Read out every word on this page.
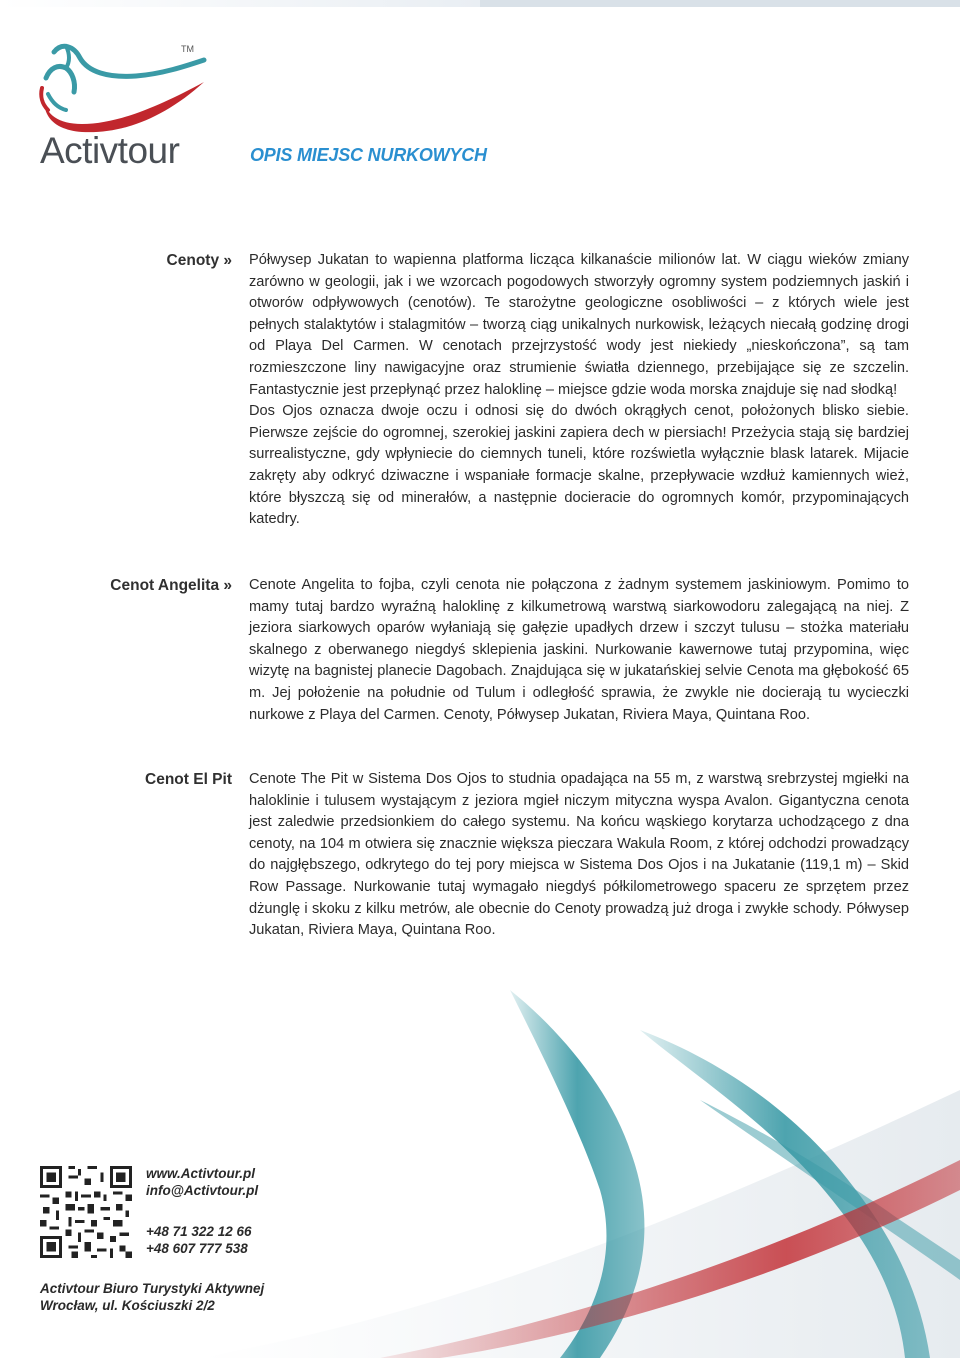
TM
Activtour	OPIS MIEJSC NURKOWYCH
Cenoty » Półwysep Jukatan to wapienna platforma licząca kilkanaście milionów lat. W ciągu wieków zmiany zarówno w geologii, jak i we wzorcach pogodowych stworzyły ogromny system podziemnych jaskiń i otworów odpływowych (cenotów). Te starożytne geologiczne osobliwości – z których wiele jest pełnych stalaktytów i stalagmitów – tworzą ciąg unikalnych nurkowisk, leżących niecałą godzinę drogi od Playa Del Carmen. W cenotach przejrzystość wody jest niekiedy „nieskończona”, są tam rozmieszczone liny nawigacyjne oraz strumienie światła dziennego, przebijające się ze szczelin. Fantastycznie jest przepłynąć przez haloklinę – miejsce gdzie woda morska znajduje się nad słodką!

Dos Ojos oznacza dwoje oczu i odnosi się do dwóch okrągłych cenot, położonych blisko siebie. Pierwsze zejście do ogromnej, szerokiej jaskini zapiera dech w piersiach! Przeżycia stają się bardziej surrealistyczne, gdy wpłyniecie do ciemnych tuneli, które rozświetla wyłącznie blask latarek. Mijacie zakręty aby odkryć dziwaczne i wspaniałe formacje skalne, przepływacie wzdłuż kamiennych wież, które błyszczą się od minerałów, a następnie docieracie do ogromnych komór, przypominających katedry.

Cenot Angelita » Cenote Angelita to fojba, czyli cenota nie połączona z żadnym systemem jaskiniowym. Pomimo to mamy tutaj bardzo wyraźną haloklinę z kilkumetrową warstwą siarkowodoru zalegającą na niej. Z jeziora siarkowych oparów wyłaniają się gałęzie upadłych drzew i szczyt tulusu – stożka materiału skalnego z oberwanego niegdyś sklepienia jaskini. Nurkowanie kawernowe tutaj przypomina, więc wizytę na bagnistej planecie Dagobach. Znajdująca się w jukatańskiej selvie Cenota ma głębokość 65 m. Jej położenie na południe od Tulum i odległość sprawia, że zwykle nie docierają tu wycieczki nurkowe z Playa del Carmen. Cenoty, Półwysep Jukatan, Riviera Maya, Quintana Roo.

Cenot El Pit Cenote The Pit w Sistema Dos Ojos to studnia opadająca na 55 m, z warstwą srebrzystej mgiełki na haloklinie i tulusem wystającym z jeziora mgieł niczym mityczna wyspa Avalon. Gigantyczna cenota jest zaledwie przedsionkiem do całego systemu. Na końcu wąskiego korytarza uchodzącego z dna cenoty, na 104 m otwiera się znacznie większa pieczara Wakula Room, z której odchodzi prowadzący do najgłębszego, odkrytego do tej pory miejsca w Sistema Dos Ojos i na Jukatanie (119,1 m) – Skid Row Passage. Nurkowanie tutaj wymagało niegdyś półkilometrowego spaceru ze sprzętem przez dżunglę i skoku z kilku metrów, ale obecnie do Cenoty prowadzą już droga i zwykłe schody. Półwysep Jukatan, Riviera Maya, Quintana Roo.

www.Activtour.pl
info@Activtour.pl
+48 71 322 12 66
+48 607 777 538
Activtour Biuro Turystyki Aktywnej
Wrocław, ul. Kościuszki 2/2
